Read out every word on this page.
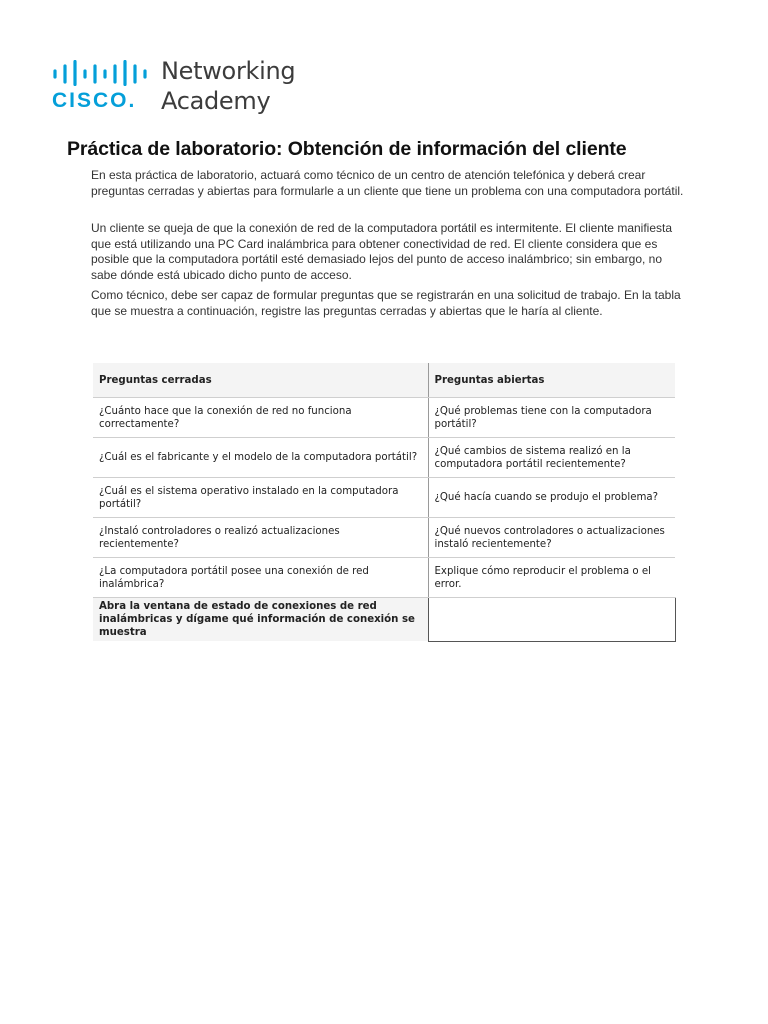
CISCO.
Networking
Academy
Práctica de laboratorio: Obtención de información del cliente

En esta práctica de laboratorio, actuará como técnico de un centro de atención telefónica y deberá crear preguntas cerradas y abiertas para formularle a un cliente que tiene un problema con una computadora portátil.

Un cliente se queja de que la conexión de red de la computadora portátil es intermitente. El cliente manifiesta que está utilizando una PC Card inalámbrica para obtener conectividad de red. El cliente considera que es posible que la computadora portátil esté demasiado lejos del punto de acceso inalámbrico; sin embargo, no sabe dónde está ubicado dicho punto de acceso.

Como técnico, debe ser capaz de formular preguntas que se registrarán en una solicitud de trabajo. En la tabla que se muestra a continuación, registre las preguntas cerradas y abiertas que le haría al cliente.

Preguntas cerradas	Preguntas abiertas
¿Cuánto hace que la conexión de red no funciona correctamente?	¿Qué problemas tiene con la computadora portátil?
¿Cuál es el fabricante y el modelo de la computadora portátil?	¿Qué cambios de sistema realizó en la computadora portátil recientemente?
¿Cuál es el sistema operativo instalado en la computadora portátil?	¿Qué hacía cuando se produjo el problema?
¿Instaló controladores o realizó actualizaciones recientemente?	¿Qué nuevos controladores o actualizaciones instaló recientemente?
¿La computadora portátil posee una conexión de red inalámbrica?	Explique cómo reproducir el problema o el error.
Abra la ventana de estado de conexiones de red inalámbricas y dígame qué información de conexión se muestra	
